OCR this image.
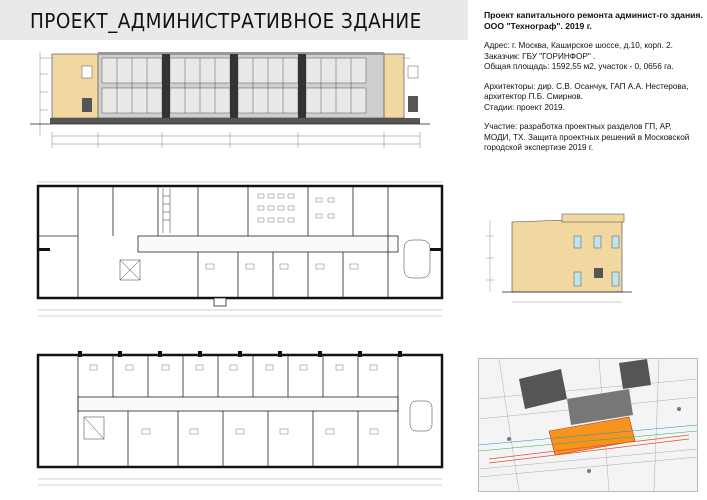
ПРОЕКТ_АДМИНИСТРАТИВНОЕ ЗДАНИЕ	Проект капитального ремонта админист-го здания.
ООО "Технограф". 2019 г.
Адрес: г. Москва, Каширское шоссе, д.10, корп. 2.
Заказчик: ГБУ "ГОРИНФОР" .
Общая площадь: 1592,55 м2, участок - 0, 0656 га.
Архитекторы: дир. С.В. Осанчук, ГАП А.А. Нестерова,
архитектор П.Б. Смирнов.
Стадии: проект 2019.
Участие: разработка проектных разделов ГП, АР,
МОДИ, ТХ. Защита проектных решений в Московской
городской экспертизе 2019 г.
